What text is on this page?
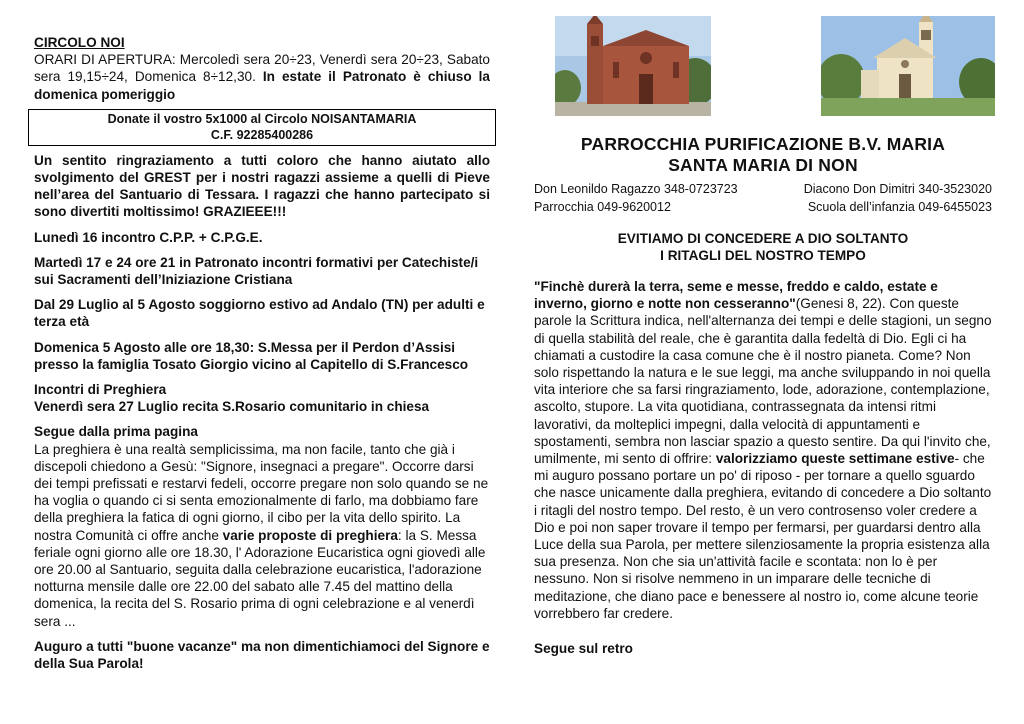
CIRCOLO NOI

ORARI DI APERTURA: Mercoledì sera 20÷23, Venerdì sera 20÷23, Sabato sera 19,15÷24, Domenica 8÷12,30. In estate il Patronato è chiuso la domenica pomeriggio

Donate il vostro 5x1000 al Circolo NOISANTAMARIA
C.F. 92285400286

Un sentito ringraziamento a tutti coloro che hanno aiutato allo svolgimento del GREST per i nostri ragazzi assieme a quelli di Pieve nell’area del Santuario di Tessara. I ragazzi che hanno partecipato si sono divertiti moltissimo! GRAZIEEE!!!

Lunedì 16 incontro C.P.P. + C.P.G.E.

Martedì 17 e 24 ore 21 in Patronato incontri formativi per Catechiste/i sui Sacramenti dell’Iniziazione Cristiana

Dal 29 Luglio al 5 Agosto soggiorno estivo ad Andalo (TN) per adulti e terza età

Domenica 5 Agosto alle ore 18,30: S.Messa per il Perdon d’Assisi presso la famiglia Tosato Giorgio vicino al Capitello di S.Francesco

Incontri di Preghiera

Venerdì sera 27 Luglio recita S.Rosario comunitario in chiesa

Segue dalla prima pagina

La preghiera è una realtà semplicissima, ma non facile, tanto che già i discepoli chiedono a Gesù: "Signore, insegnaci a pregare". Occorre darsi dei tempi prefissati e restarvi fedeli, occorre pregare non solo quando se ne ha voglia o quando ci si senta emozionalmente di farlo, ma dobbiamo fare della preghiera la fatica di ogni giorno, il cibo per la vita dello spirito. La nostra Comunità ci offre anche varie proposte di preghiera: la S. Messa feriale ogni giorno alle ore 18.30, l' Adorazione Eucaristica ogni giovedì alle ore 20.00 al Santuario, seguita dalla celebrazione eucaristica, l'adorazione notturna mensile dalle ore 22.00 del sabato alle 7.45 del mattino della domenica, la recita del S. Rosario prima di ogni celebrazione e al venerdì sera ...

Auguro a tutti "buone vacanze" ma non dimentichiamoci del Signore e della Sua Parola!

PARROCCHIA PURIFICAZIONE B.V. MARIA
SANTA MARIA DI NON
Don Leonildo Ragazzo 348-0723723	Diacono Don Dimitri 340-3523020
Parrocchia 049-9620012	Scuola dell’infanzia 049-6455023
EVITIAMO DI CONCEDERE A DIO SOLTANTO
I RITAGLI DEL NOSTRO TEMPO

"Finchè durerà la terra, seme e messe, freddo e caldo, estate e inverno, giorno e notte non cesseranno"(Genesi 8, 22). Con queste parole la Scrittura indica, nell'alternanza dei tempi e delle stagioni, un segno di quella stabilità del reale, che è garantita dalla fedeltà di Dio. Egli ci ha chiamati a custodire la casa comune che è il nostro pianeta. Come? Non solo rispettando la natura e le sue leggi, ma anche sviluppando in noi quella vita interiore che sa farsi ringraziamento, lode, adorazione, contemplazione, ascolto, stupore. La vita quotidiana, contrassegnata da intensi ritmi lavorativi, da molteplici impegni, dalla velocità di appuntamenti e spostamenti, sembra non lasciar spazio a questo sentire. Da qui l'invito che, umilmente, mi sento di offrire: valorizziamo queste settimane estive- che mi auguro possano portare un po' di riposo - per tornare a quello sguardo che nasce unicamente dalla preghiera, evitando di concedere a Dio soltanto i ritagli del nostro tempo. Del resto, è un vero controsenso voler credere a Dio e poi non saper trovare il tempo per fermarsi, per guardarsi dentro alla Luce della sua Parola, per mettere silenziosamente la propria esistenza alla sua presenza. Non che sia un'attività facile e scontata: non lo è per nessuno. Non si risolve nemmeno in un imparare delle tecniche di meditazione, che diano pace e benessere al nostro io, come alcune teorie vorrebbero far credere.

Segue sul retro
